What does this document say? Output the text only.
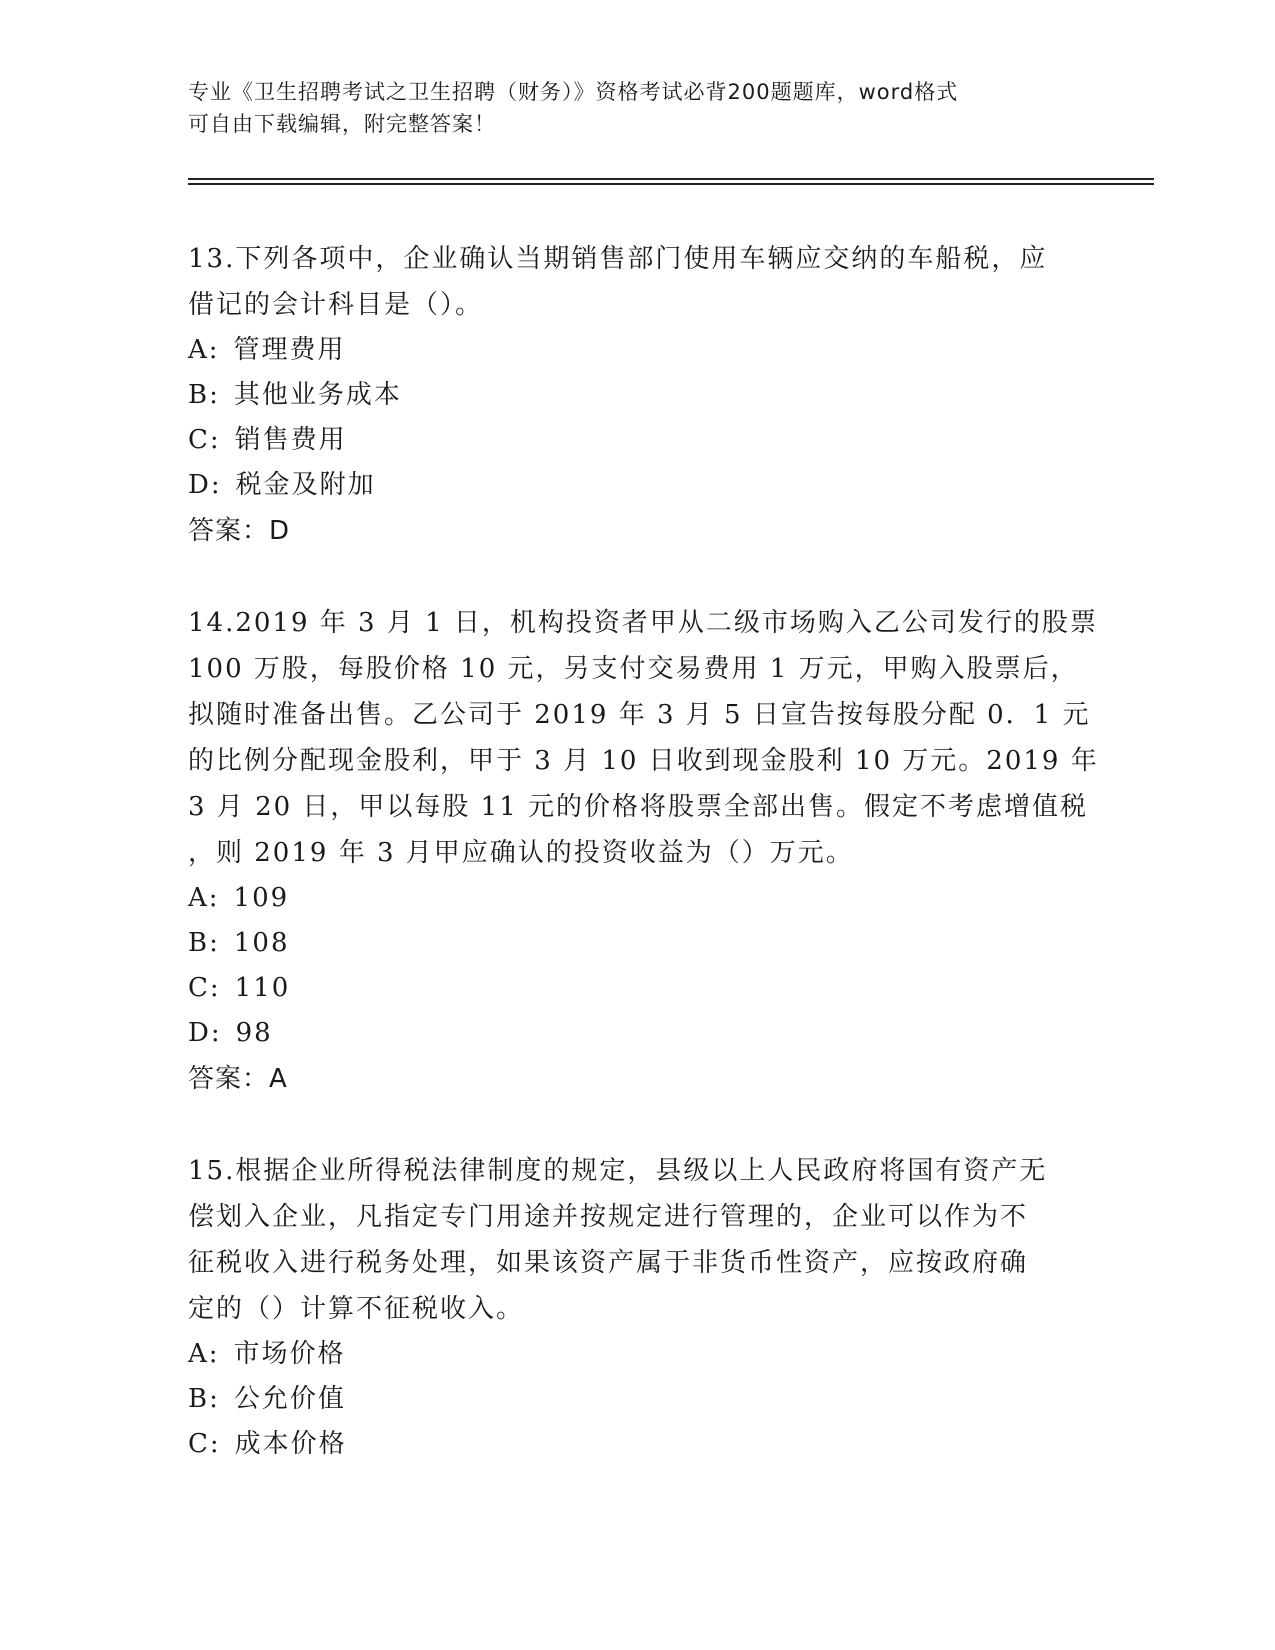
专业《卫生招聘考试之卫生招聘（财务）》资格考试必背200题题库，word格式
可自由下载编辑，附完整答案！

13.下列各项中，企业确认当期销售部门使用车辆应交纳的车船税，应
借记的会计科目是（）。

A: 管理费用

B: 其他业务成本

C: 销售费用

D: 税金及附加

答案：D

14.2019 年 3 月 1 日，机构投资者甲从二级市场购入乙公司发行的股票
100 万股，每股价格 10 元，另支付交易费用 1 万元，甲购入股票后，
拟随时准备出售。乙公司于 2019 年 3 月 5 日宣告按每股分配 0．1 元
的比例分配现金股利，甲于 3 月 10 日收到现金股利 10 万元。2019 年
3 月 20 日，甲以每股 11 元的价格将股票全部出售。假定不考虑增值税
，则 2019 年 3 月甲应确认的投资收益为（）万元。

A: 109

B: 108

C: 110

D: 98

答案：A

15.根据企业所得税法律制度的规定，县级以上人民政府将国有资产无
偿划入企业，凡指定专门用途并按规定进行管理的，企业可以作为不
征税收入进行税务处理，如果该资产属于非货币性资产，应按政府确
定的（）计算不征税收入。

A: 市场价格

B: 公允价值

C: 成本价格
